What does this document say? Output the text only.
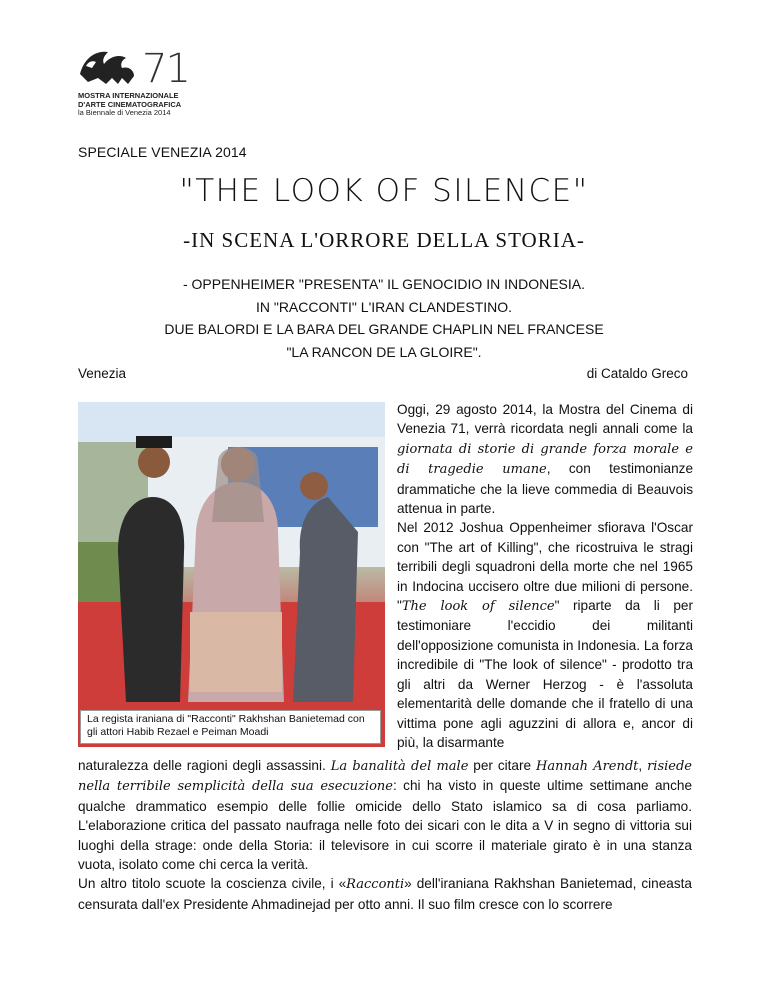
71
MOSTRA INTERNAZIONALE
D'ARTE CINEMATOGRAFICA
la Biennale di Venezia 2014
SPECIALE VENEZIA 2014
"THE LOOK OF SILENCE"
-IN SCENA L'ORRORE DELLA STORIA-
- OPPENHEIMER "PRESENTA" IL GENOCIDIO IN INDONESIA.
IN "RACCONTI" L'IRAN CLANDESTINO.
DUE BALORDI E LA BARA DEL GRANDE CHAPLIN NEL FRANCESE
"LA RANCON DE LA GLOIRE".
Venezia	di Cataldo Greco
La regista iraniana di "Racconti" Rakhshan Banietemad con gli attori Habib Rezael e Peiman Moadi

Oggi, 29 agosto 2014, la Mostra del Cinema di Venezia 71, verrà ricordata negli annali come la giornata di storie di grande forza morale e di tragedie umane, con testimonianze drammatiche che la lieve commedia di Beauvois attenua in parte.

Nel 2012 Joshua Oppenheimer sfiorava l'Oscar con "The art of Killing", che ricostruiva le stragi terribili degli squadroni della morte che nel 1965 in Indocina uccisero oltre due milioni di persone. "The look of silence" riparte da li per testimoniare l'eccidio dei militanti dell'opposizione comunista in Indonesia. La forza incredibile di "The look of silence" - prodotto tra gli altri da Werner Herzog - è l'assoluta elementarità delle domande che il fratello di una vittima pone agli aguzzini di allora e, ancor di più, la disarmante

naturalezza delle ragioni degli assassini. La banalità del male per citare Hannah Arendt, risiede nella terribile semplicità della sua esecuzione: chi ha visto in queste ultime settimane anche qualche drammatico esempio delle follie omicide dello Stato islamico sa di cosa parliamo. L'elaborazione critica del passato naufraga nelle foto dei sicari con le dita a V in segno di vittoria sui luoghi della strage: onde della Storia: il televisore in cui scorre il materiale girato è in una stanza vuota, isolato come chi cerca la verità.

Un altro titolo scuote la coscienza civile, i «Racconti» dell'iraniana Rakhshan Banietemad, cineasta censurata dall'ex Presidente Ahmadinejad per otto anni. Il suo film cresce con lo scorrere
